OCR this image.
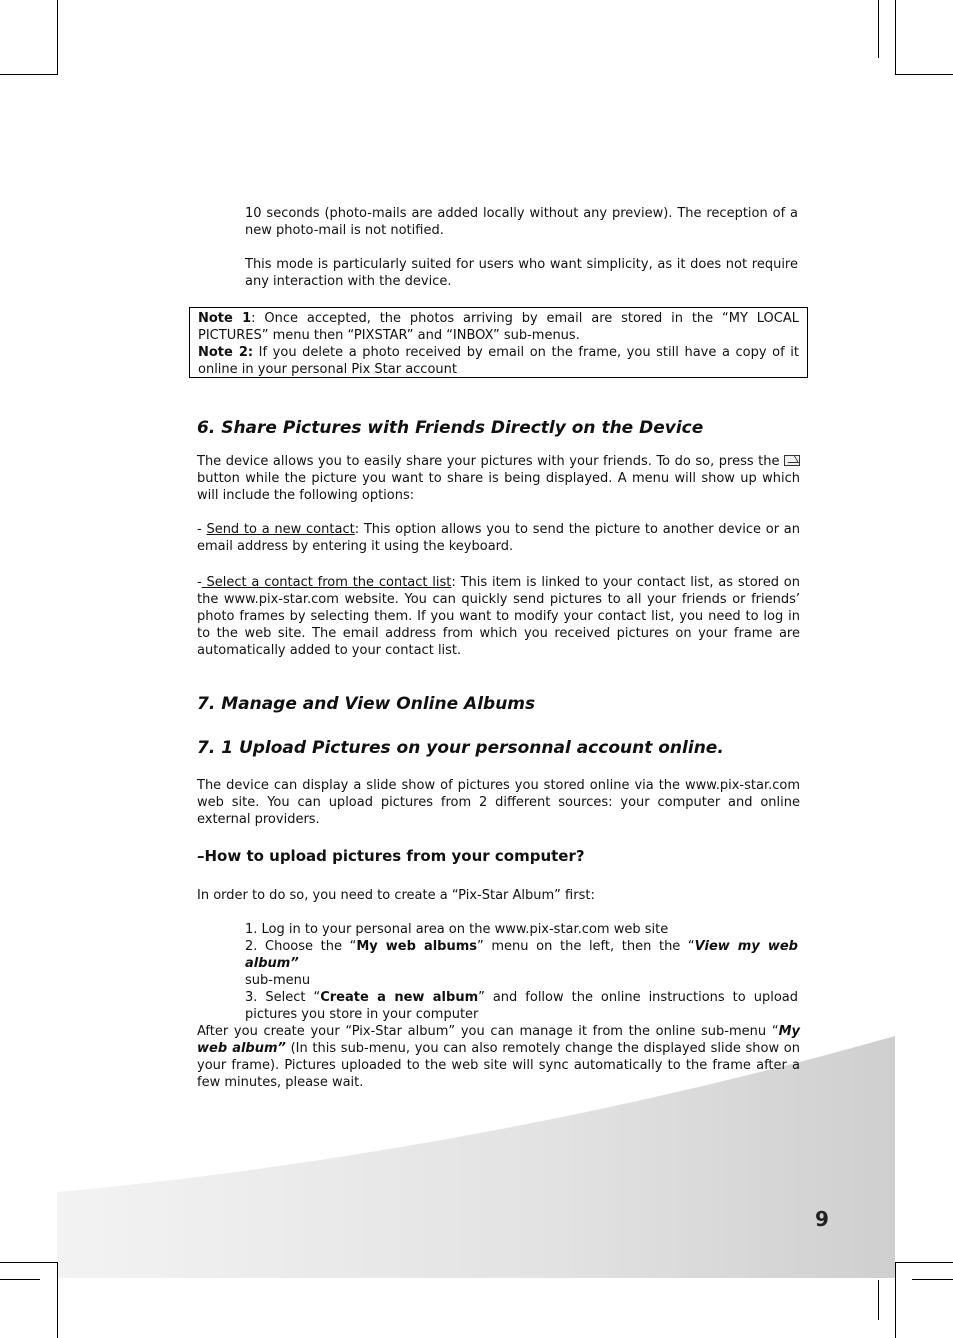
10 seconds (photo-mails are added locally without any preview). The reception of a new photo-mail is not notified.

This mode is particularly suited for users who want simplicity, as it does not require any interaction with the device.

Note 1: Once accepted, the photos arriving by email are stored in the “MY LOCAL PICTURES” menu then “PIXSTAR” and “INBOX” sub-menus.
Note 2: If you delete a photo received by email on the frame, you still have a copy of it online in your personal Pix Star account
6. Share Pictures with Friends Directly on the Device

The device allows you to easily share your pictures with your friends. To do so, press the  button while the picture you want to share is being displayed. A menu will show up which will include the following options:

- Send to a new contact: This option allows you to send the picture to another device or an email address by entering it using the keyboard.

- Select a contact from the contact list: This item is linked to your contact list, as stored on the www.pix-star.com website. You can quickly send pictures to all your friends or friends’ photo frames by selecting them. If you want to modify your contact list, you need to log in to the web site. The email address from which you received pictures on your frame are automatically added to your contact list.

7. Manage and View Online Albums
7. 1 Upload Pictures on your personnal account online.

The device can display a slide show of pictures you stored online via the www.pix-star.com web site. You can upload pictures from 2 different sources: your computer and online external providers.

–How to upload pictures from your computer?

In order to do so, you need to create a “Pix-Star Album” first:

1. Log in to your personal area on the www.pix-star.com web site

2. Choose the “My web albums” menu on the left, then the “View my web album”
sub-menu

3. Select “Create a new album” and follow the online instructions to upload pictures you store in your computer

After you create your “Pix-Star album” you can manage it from the online sub-menu “My web album” (In this sub-menu, you can also remotely change the displayed slide show on your frame). Pictures uploaded to the web site will sync automatically to the frame after a few minutes, please wait.

9
